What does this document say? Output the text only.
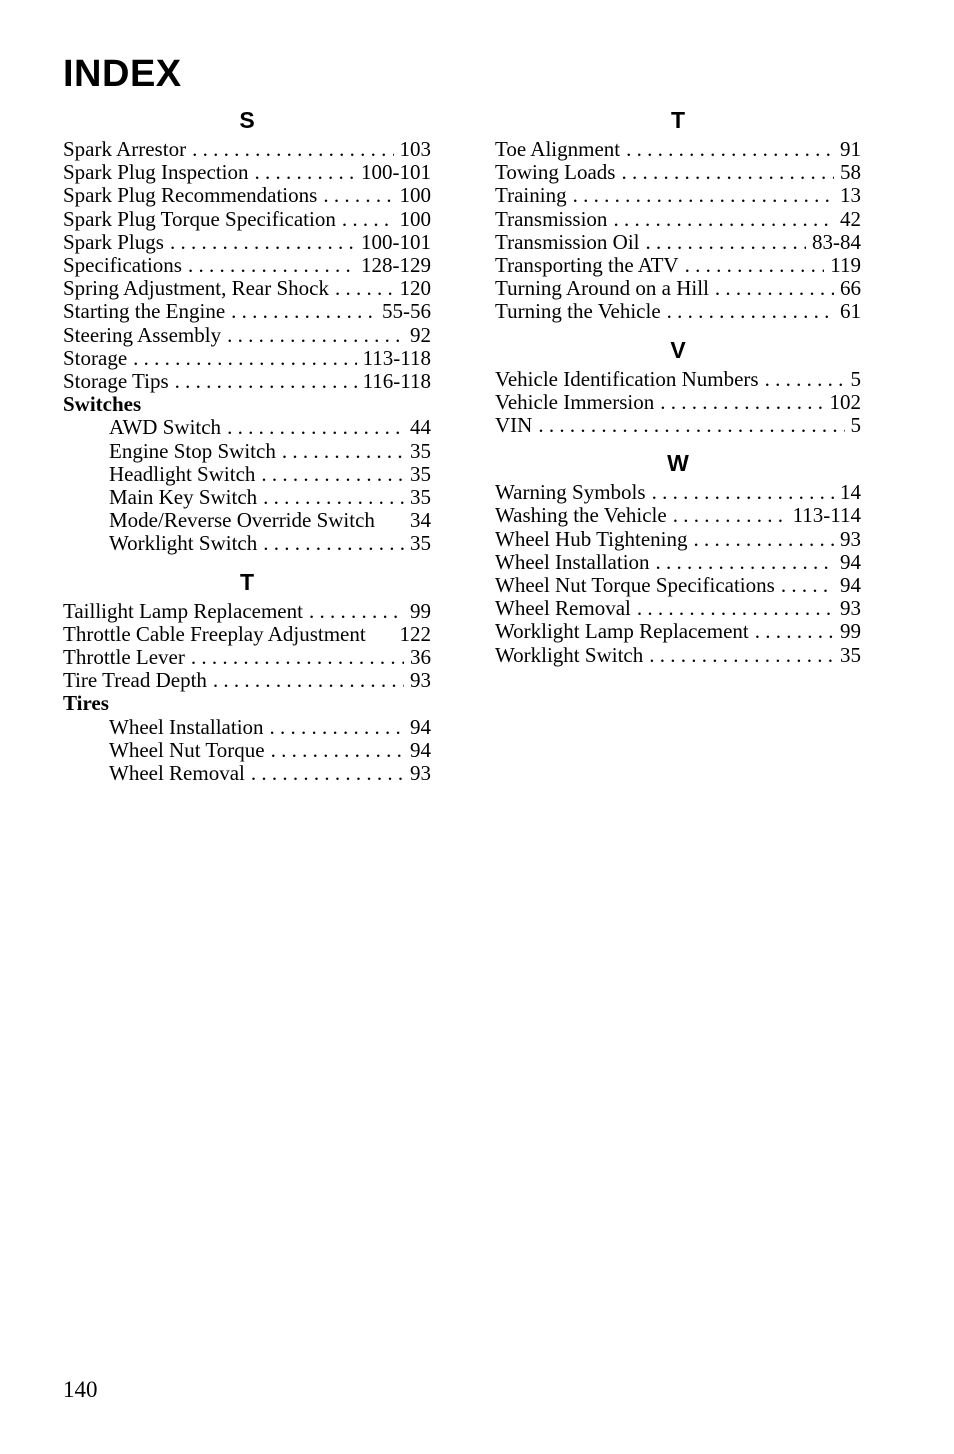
INDEX
S
Spark Arrestor . . .	103
Spark Plug Inspection . . .	100-101
Spark Plug Recommendations . . .	100
Spark Plug Torque Specification . . .	100
Spark Plugs . . .	100-101
Specifications . . .	128-129
Spring Adjustment, Rear Shock . . .	120
Starting the Engine . . .	55-56
Steering Assembly . . .	92
Storage . . .	113-118
Storage Tips . . .	116-118
Switches
AWD Switch . . .	44
Engine Stop Switch . . .	35
Headlight Switch . . .	35
Main Key Switch . . .	35
Mode/Reverse Override Switch 34
Worklight Switch . . .	35
T
Taillight Lamp Replacement . . .	99
Throttle Cable Freeplay Adjustment 122
Throttle Lever . . .	36
Tire Tread Depth . . .	93
Tires
Wheel Installation . . .	94
Wheel Nut Torque . . .	94
Wheel Removal . . .	93
T
Toe Alignment . . .	91
Towing Loads . . .	58
Training . . .	13
Transmission . . .	42
Transmission Oil . . .	83-84
Transporting the ATV . . .	119
Turning Around on a Hill . . .	66
Turning the Vehicle . . .	61
V
Vehicle Identification Numbers . . .	5
Vehicle Immersion . . .	102
VIN . . .	5
W
Warning Symbols . . .	14
Washing the Vehicle . . .	113-114
Wheel Hub Tightening . . .	93
Wheel Installation . . .	94
Wheel Nut Torque Specifications . . .	94
Wheel Removal . . .	93
Worklight Lamp Replacement . . .	99
Worklight Switch . . .	35
140
